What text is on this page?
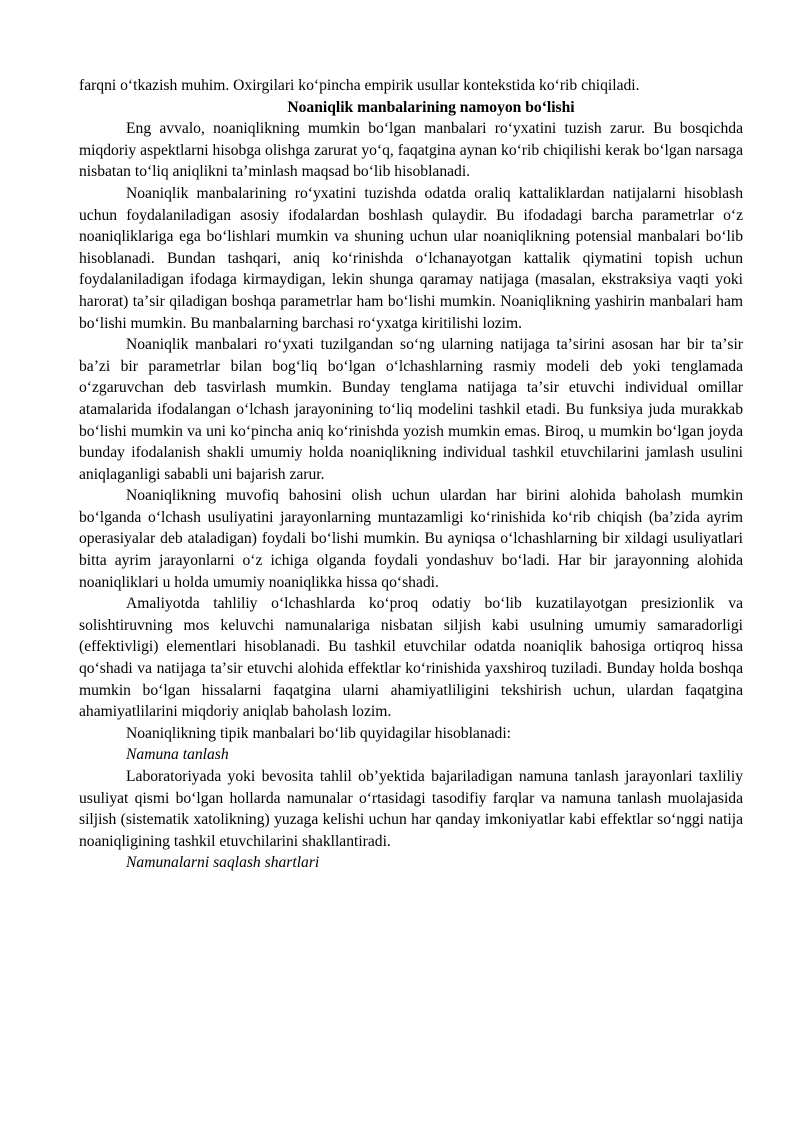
farqni oʻtkazish muhim. Oxirgilari koʻpincha empirik usullar kontekstida koʻrib chiqiladi.

Noaniqlik manbalarining namoyon boʻlishi

Eng avvalo, noaniqlikning mumkin boʻlgan manbalari roʻyxatini tuzish zarur. Bu bosqichda miqdoriy aspektlarni hisobga olishga zarurat yoʻq, faqatgina aynan koʻrib chiqilishi kerak boʻlgan narsaga nisbatan toʻliq aniqlikni taʼminlash maqsad boʻlib hisoblanadi.

Noaniqlik manbalarining roʻyxatini tuzishda odatda oraliq kattaliklardan natijalarni hisoblash uchun foydalaniladigan asosiy ifodalardan boshlash qulaydir. Bu ifodadagi barcha parametrlar oʻz noaniqliklariga ega boʻlishlari mumkin va shuning uchun ular noaniqlikning potensial manbalari boʻlib hisoblanadi. Bundan tashqari, aniq koʻrinishda oʻlchanayotgan kattalik qiymatini topish uchun foydalaniladigan ifodaga kirmaydigan, lekin shunga qaramay natijaga (masalan, ekstraksiya vaqti yoki harorat) taʼsir qiladigan boshqa parametrlar ham boʻlishi mumkin. Noaniqlikning yashirin manbalari ham boʻlishi mumkin. Bu manbalarning barchasi roʻyxatga kiritilishi lozim.

Noaniqlik manbalari roʻyxati tuzilgandan soʻng ularning natijaga taʼsirini asosan har bir taʼsir baʼzi bir parametrlar bilan bogʻliq boʻlgan oʻlchashlarning rasmiy modeli deb yoki tenglamada oʻzgaruvchan deb tasvirlash mumkin. Bunday tenglama natijaga taʼsir etuvchi individual omillar atamalarida ifodalangan oʻlchash jarayonining toʻliq modelini tashkil etadi. Bu funksiya juda murakkab boʻlishi mumkin va uni koʻpincha aniq koʻrinishda yozish mumkin emas. Biroq, u mumkin boʻlgan joyda bunday ifodalanish shakli umumiy holda noaniqlikning individual tashkil etuvchilarini jamlash usulini aniqlaganligi sababli uni bajarish zarur.

Noaniqlikning muvofiq bahosini olish uchun ulardan har birini alohida baholash mumkin boʻlganda oʻlchash usuliyatini jarayonlarning muntazamligi koʻrinishida koʻrib chiqish (baʼzida ayrim operasiyalar deb ataladigan) foydali boʻlishi mumkin. Bu ayniqsa oʻlchashlarning bir xildagi usuliyatlari bitta ayrim jarayonlarni oʻz ichiga olganda foydali yondashuv boʻladi. Har bir jarayonning alohida noaniqliklari u holda umumiy noaniqlikka hissa qoʻshadi.

Amaliyotda tahliliy oʻlchashlarda koʻproq odatiy boʻlib kuzatilayotgan presizionlik va solishtiruvning mos keluvchi namunalariga nisbatan siljish kabi usulning umumiy samaradorligi (effektivligi) elementlari hisoblanadi. Bu tashkil etuvchilar odatda noaniqlik bahosiga ortiqroq hissa qoʻshadi va natijaga taʼsir etuvchi alohida effektlar koʻrinishida yaxshiroq tuziladi. Bunday holda boshqa mumkin boʻlgan hissalarni faqatgina ularni ahamiyatliligini tekshirish uchun, ulardan faqatgina ahamiyatlilarini miqdoriy aniqlab baholash lozim.

Noaniqlikning tipik manbalari boʻlib quyidagilar hisoblanadi:

Namuna tanlash

Laboratoriyada yoki bevosita tahlil obʼyektida bajariladigan namuna tanlash jarayonlari taxliliy usuliyat qismi boʻlgan hollarda namunalar oʻrtasidagi tasodifiy farqlar va namuna tanlash muolajasida siljish (sistematik xatolikning) yuzaga kelishi uchun har qanday imkoniyatlar kabi effektlar soʻnggi natija noaniqligining tashkil etuvchilarini shakllantiradi.

Namunalarni saqlash shartlari
